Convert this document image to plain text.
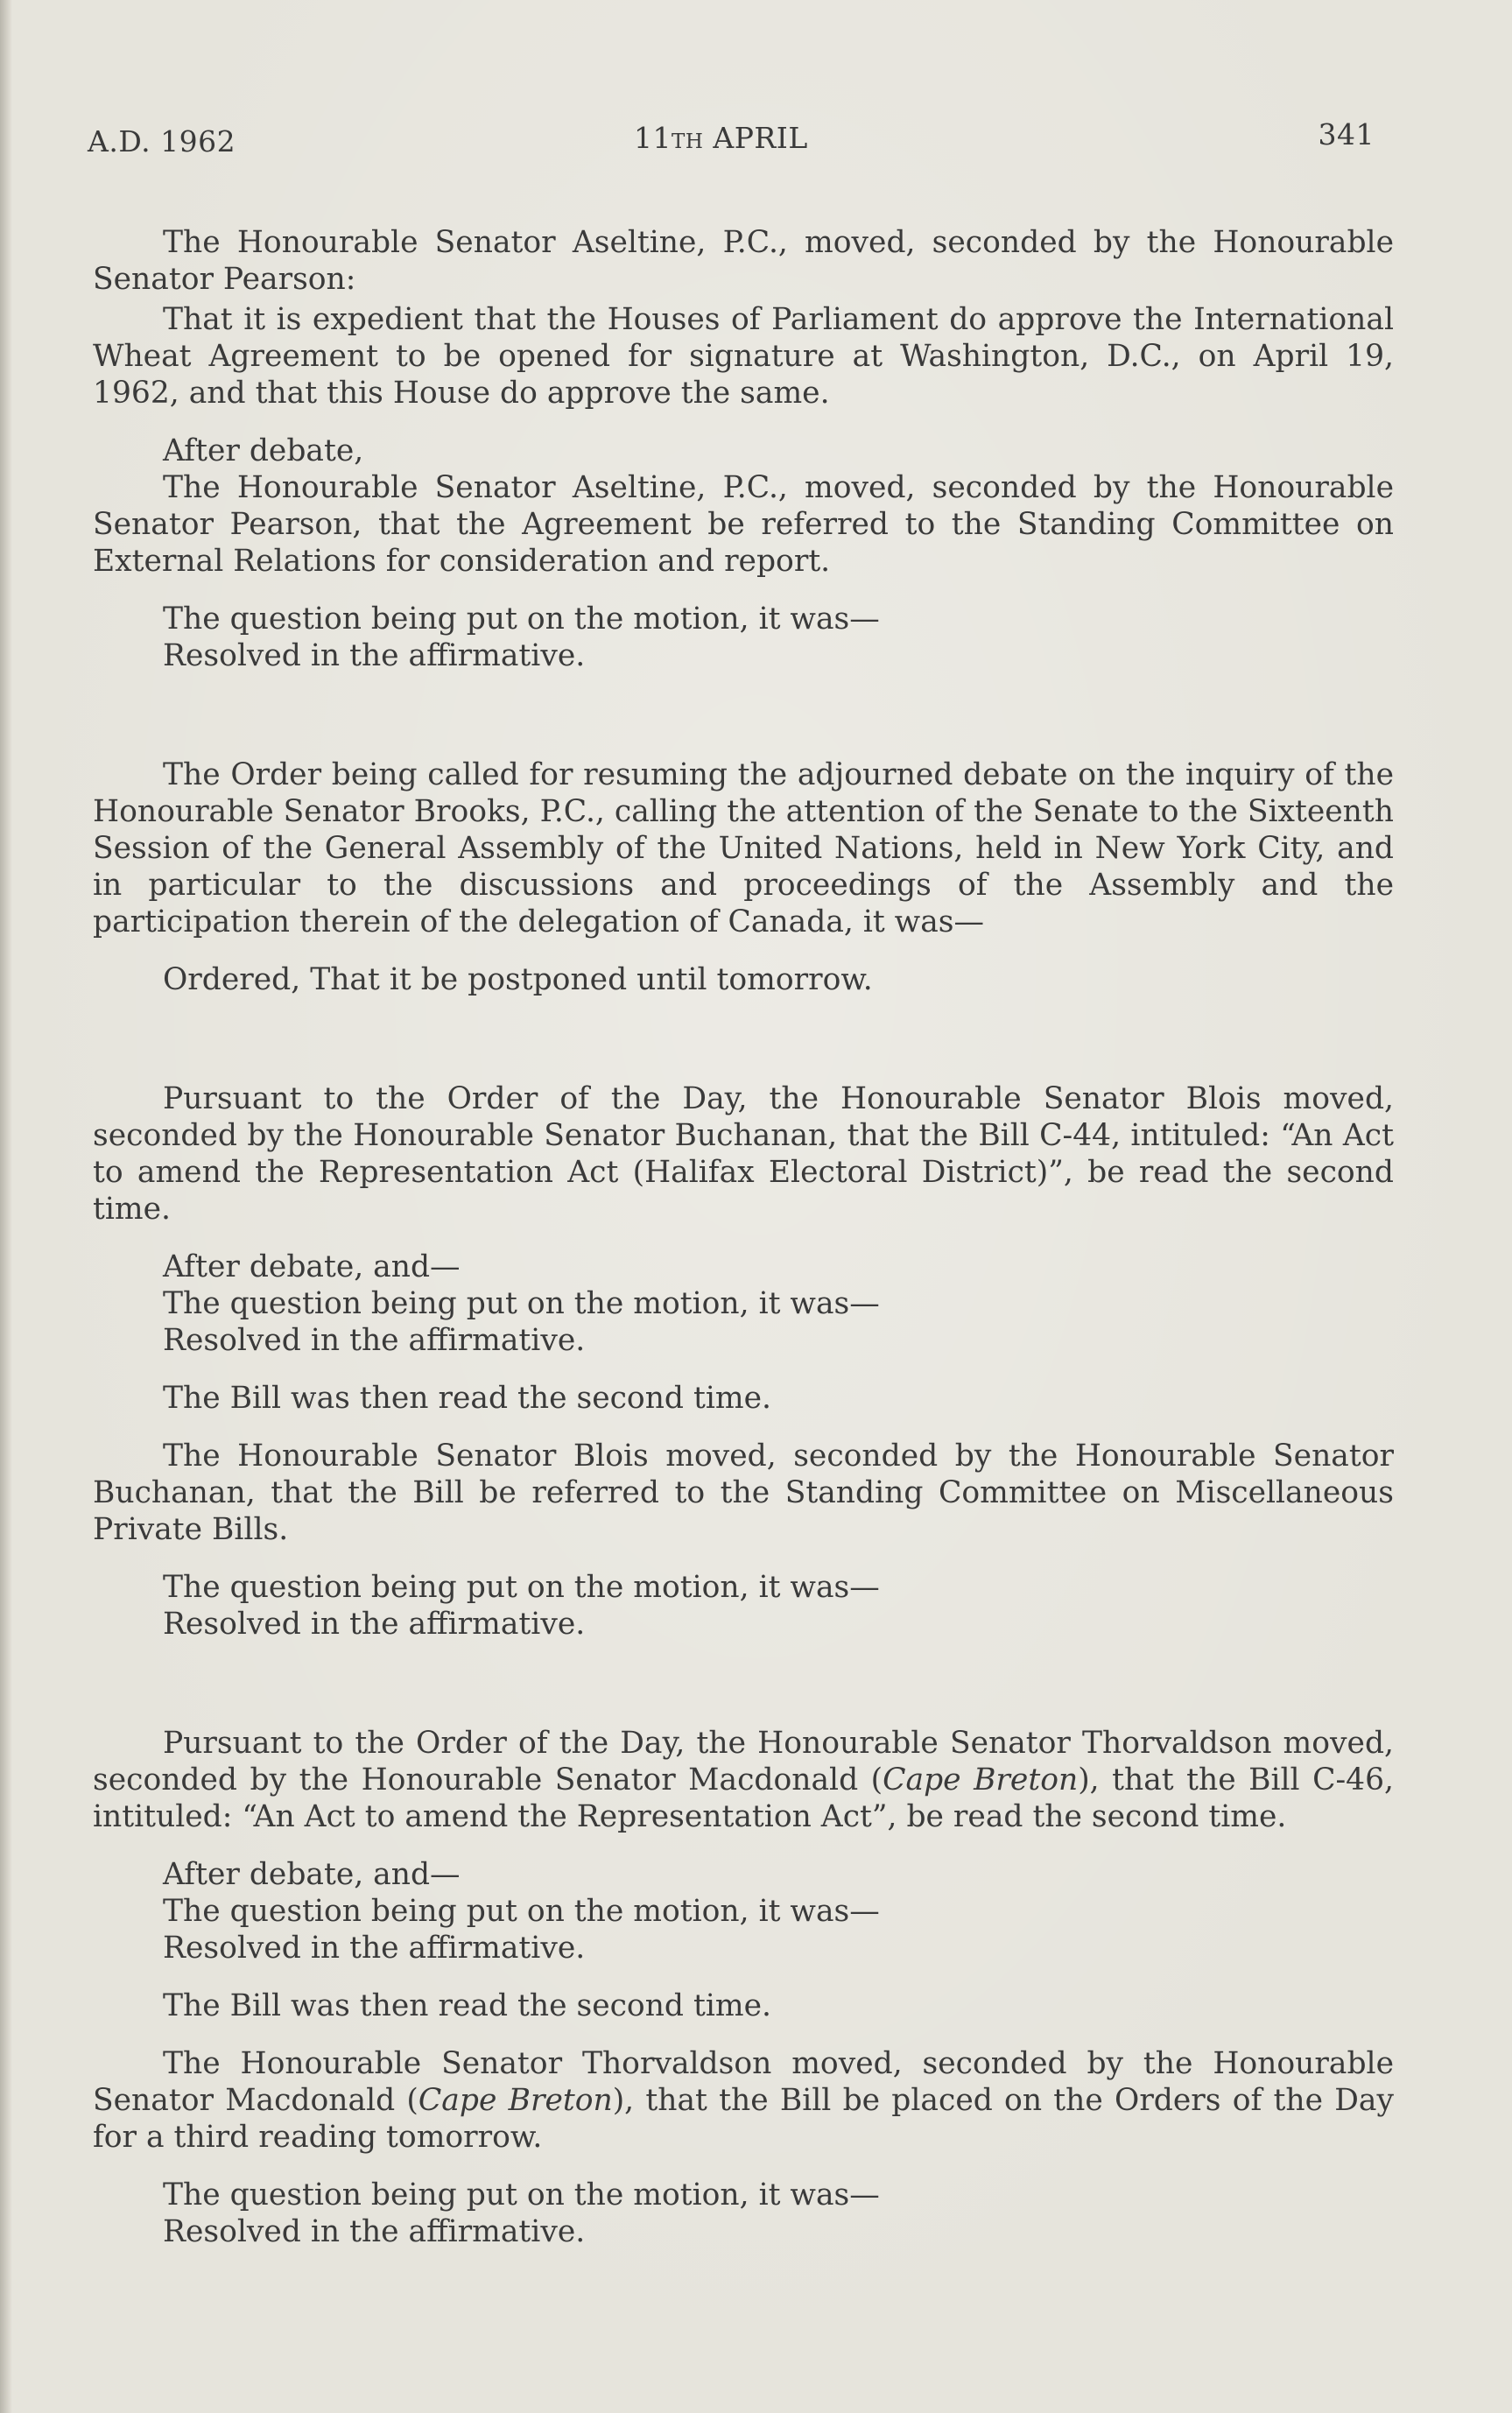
A.D. 1962	11th APRIL	341

The Honourable Senator Aseltine, P.C., moved, seconded by the Honourable Senator Pearson:

That it is expedient that the Houses of Parliament do approve the International Wheat Agreement to be opened for signature at Washington, D.C., on April 19, 1962, and that this House do approve the same.

After debate,

The Honourable Senator Aseltine, P.C., moved, seconded by the Honourable Senator Pearson, that the Agreement be referred to the Standing Committee on External Relations for consideration and report.

The question being put on the motion, it was—

Resolved in the affirmative.

The Order being called for resuming the adjourned debate on the inquiry of the Honourable Senator Brooks, P.C., calling the attention of the Senate to the Sixteenth Session of the General Assembly of the United Nations, held in New York City, and in particular to the discussions and proceedings of the Assembly and the participation therein of the delegation of Canada, it was—

Ordered, That it be postponed until tomorrow.

Pursuant to the Order of the Day, the Honourable Senator Blois moved, seconded by the Honourable Senator Buchanan, that the Bill C-44, intituled: “An Act to amend the Representation Act (Halifax Electoral District)”, be read the second time.

After debate, and—

The question being put on the motion, it was—

Resolved in the affirmative.

The Bill was then read the second time.

The Honourable Senator Blois moved, seconded by the Honourable Senator Buchanan, that the Bill be referred to the Standing Committee on Miscellaneous Private Bills.

The question being put on the motion, it was—

Resolved in the affirmative.

Pursuant to the Order of the Day, the Honourable Senator Thorvaldson moved, seconded by the Honourable Senator Macdonald (Cape Breton), that the Bill C-46, intituled: “An Act to amend the Representation Act”, be read the second time.

After debate, and—

The question being put on the motion, it was—

Resolved in the affirmative.

The Bill was then read the second time.

The Honourable Senator Thorvaldson moved, seconded by the Honourable Senator Macdonald (Cape Breton), that the Bill be placed on the Orders of the Day for a third reading tomorrow.

The question being put on the motion, it was—

Resolved in the affirmative.
